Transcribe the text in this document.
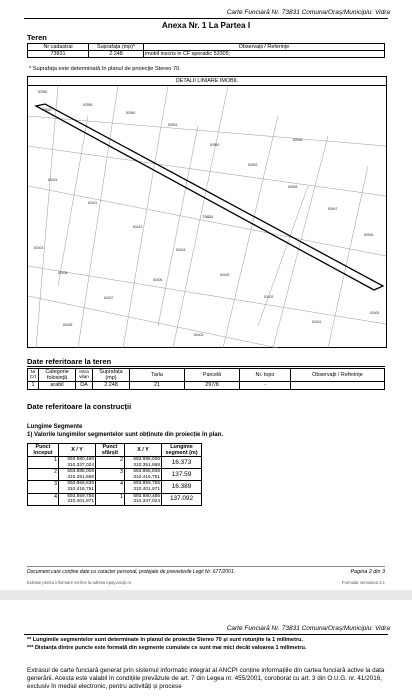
Carte Funciară Nr. 73831 Comuna/Oraș/Municipiu: Vidra
Anexa Nr. 1 La Partea I
Teren
Nr cadastral	Suprafața (mp)*	Observații / Referințe
73831	2.248	imobil inscris in CF sporadic 53305;
* Suprafața este determinată în planul de proiecție Stereo 70.
DETALII LINIARE IMOBIL
83950
75810
83955
83950
83951
83950
83949
83948
83948
83947
83946
83424
83411
83412
83403
83408
83407
83406
83404
83405
83402
83401
83400
83405
83403
73831
Date referitoare la teren
Nr Crt	Categorie folosință	Intra vilan	Suprafața (mp)	Tarla	Parcelă	Nr. topo	Observații / Referințe
1	arabil	DA	2.248	21	297/8	-	
Date referitoare la construcții
Lungime Segmente
1) Valorile lungimilor segmentelor sunt obținute din proiecție în plan.
Punct început	X / Y	Punct sfârșit	X / Y	Lungime segment (m)
1	593.980,486
310.337,024	2	593.988,006
310.351,568	16.373
2	593.988,006
310.351,568	3	593.866,836
310.416,751	137.59
3	593.866,836
310.416,751	4	593.859,755
310.401,971	16.389
4	593.859,755
310.401,971	1	593.980,486
310.337,024	137.092
Document care conține date cu caracter personal, protejate de prevederile Legii Nr. 677/2001.	Pagina 2 din 3
Extrase pentru informare on-line la adresa epay.ancpi.ro	Formular versiunea 3.1
Carte Funciară Nr. 73831 Comuna/Oraș/Municipiu: Vidra
** Lungimile segmentelor sunt determinate în planul de proiecție Stereo 70 și sunt rotunjite la 1 milimetru.
*** Distanța dintre puncte este formată din segmente cumulate ce sunt mai mici decât valoarea 1 milimetru.
Extrasul de carte funciară generat prin sistemul informatic integrat al ANCPI conține informațiile din cartea funciară active la data generării. Acesta este valabil în condițiile prevăzute de art. 7 din Legea nr. 455/2001, coroborat cu art. 3 din O.U.G. nr. 41/2016, exclusiv în mediul electronic, pentru activități și procese
